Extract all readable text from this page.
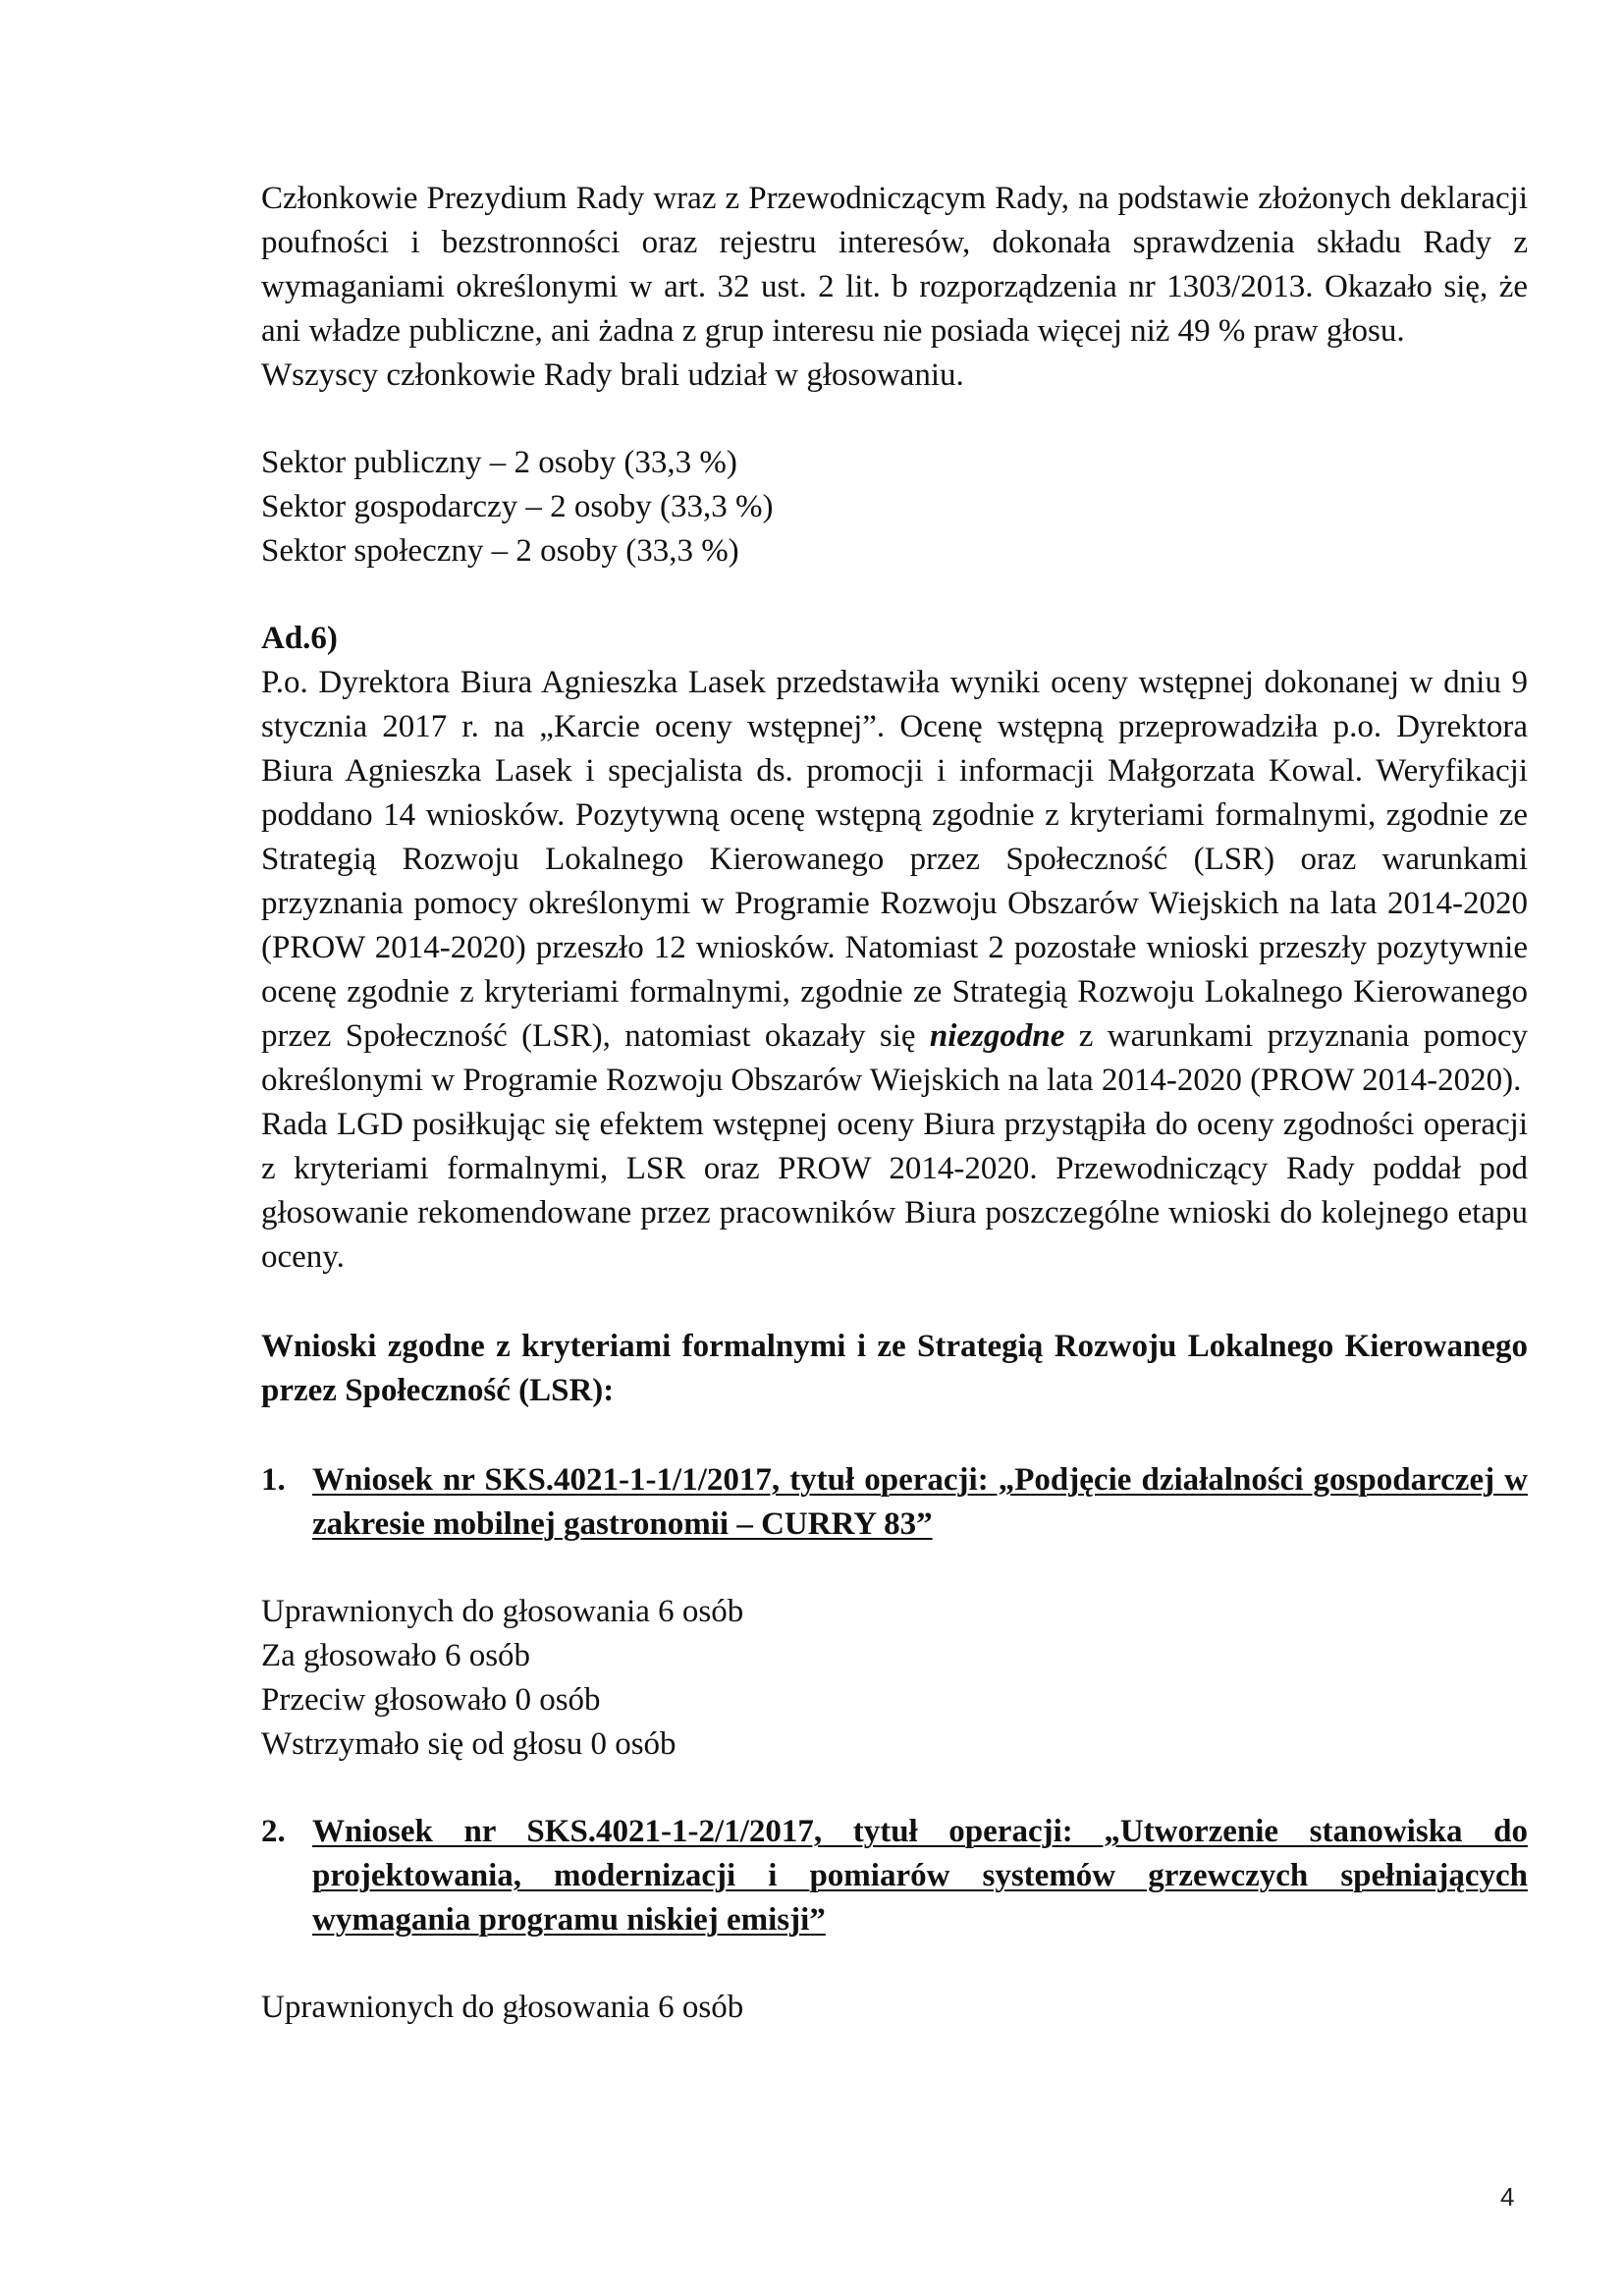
Członkowie Prezydium Rady wraz z Przewodniczącym Rady, na podstawie złożonych deklaracji poufności i bezstronności oraz rejestru interesów, dokonała sprawdzenia składu Rady z wymaganiami określonymi w art. 32 ust. 2 lit. b rozporządzenia nr 1303/2013. Okazało się, że ani władze publiczne, ani żadna z grup interesu nie posiada więcej niż 49 % praw głosu.

Wszyscy członkowie Rady brali udział w głosowaniu.

Sektor publiczny – 2 osoby (33,3 %)
Sektor gospodarczy – 2 osoby (33,3 %)
Sektor społeczny – 2 osoby (33,3 %)

Ad.6)

P.o. Dyrektora Biura Agnieszka Lasek przedstawiła wyniki oceny wstępnej dokonanej w dniu 9 stycznia 2017 r. na „Karcie oceny wstępnej”. Ocenę wstępną przeprowadziła p.o. Dyrektora Biura Agnieszka Lasek i specjalista ds. promocji i informacji Małgorzata Kowal. Weryfikacji poddano 14 wniosków. Pozytywną ocenę wstępną zgodnie z kryteriami formalnymi, zgodnie ze Strategią Rozwoju Lokalnego Kierowanego przez Społeczność (LSR) oraz warunkami przyznania pomocy określonymi w Programie Rozwoju Obszarów Wiejskich na lata 2014-2020 (PROW 2014-2020) przeszło 12 wniosków. Natomiast 2 pozostałe wnioski przeszły pozytywnie ocenę zgodnie z kryteriami formalnymi, zgodnie ze Strategią Rozwoju Lokalnego Kierowanego przez Społeczność (LSR), natomiast okazały się niezgodne z warunkami przyznania pomocy określonymi w Programie Rozwoju Obszarów Wiejskich na lata 2014-2020 (PROW 2014-2020).

Rada LGD posiłkując się efektem wstępnej oceny Biura przystąpiła do oceny zgodności operacji z kryteriami formalnymi, LSR oraz PROW 2014-2020. Przewodniczący Rady poddał pod głosowanie rekomendowane przez pracowników Biura poszczególne wnioski do kolejnego etapu oceny.

Wnioski zgodne z kryteriami formalnymi i ze Strategią Rozwoju Lokalnego Kierowanego przez Społeczność (LSR):

1. Wniosek nr SKS.4021-1-1/1/2017, tytuł operacji: „Podjęcie działalności gospodarczej w zakresie mobilnej gastronomii – CURRY 83”
Uprawnionych do głosowania 6 osób
Za głosowało 6 osób
Przeciw głosowało 0 osób
Wstrzymało się od głosu 0 osób
2. Wniosek nr SKS.4021-1-2/1/2017, tytuł operacji: „Utworzenie stanowiska do projektowania, modernizacji i pomiarów systemów grzewczych spełniających wymagania programu niskiej emisji”
Uprawnionych do głosowania 6 osób
4
